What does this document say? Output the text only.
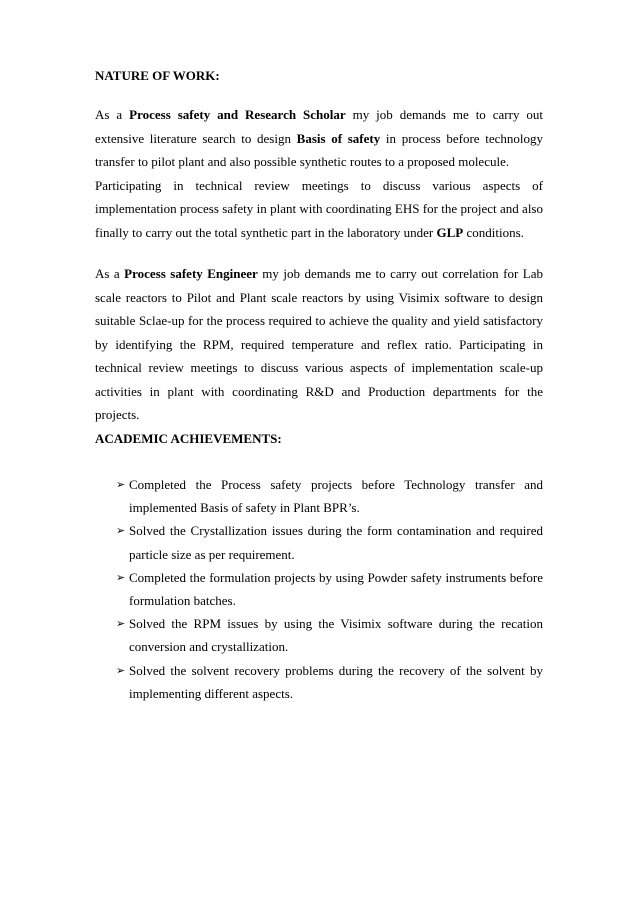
NATURE OF WORK:

As a Process safety and Research Scholar my job demands me to carry out extensive literature search to design Basis of safety in process before technology transfer to pilot plant and also possible synthetic routes to a proposed molecule.

Participating in technical review meetings to discuss various aspects of implementation process safety in plant with coordinating EHS for the project and also finally to carry out the total synthetic part in the laboratory under GLP conditions.

As a Process safety Engineer my job demands me to carry out correlation for Lab scale reactors to Pilot and Plant scale reactors by using Visimix software to design suitable Sclae-up for the process required to achieve the quality and yield satisfactory by identifying the RPM, required temperature and reflex ratio. Participating in technical review meetings to discuss various aspects of implementation scale-up activities in plant with coordinating R&D and Production departments for the projects.

ACADEMIC ACHIEVEMENTS:
➢ Completed the Process safety projects before Technology transfer and implemented Basis of safety in Plant BPR’s.
➢ Solved the Crystallization issues during the form contamination and required particle size as per requirement.
➢ Completed the formulation projects by using Powder safety instruments before formulation batches.
➢ Solved the RPM issues by using the Visimix software during the recation conversion and crystallization.
➢ Solved the solvent recovery problems during the recovery of the solvent by implementing different aspects.
